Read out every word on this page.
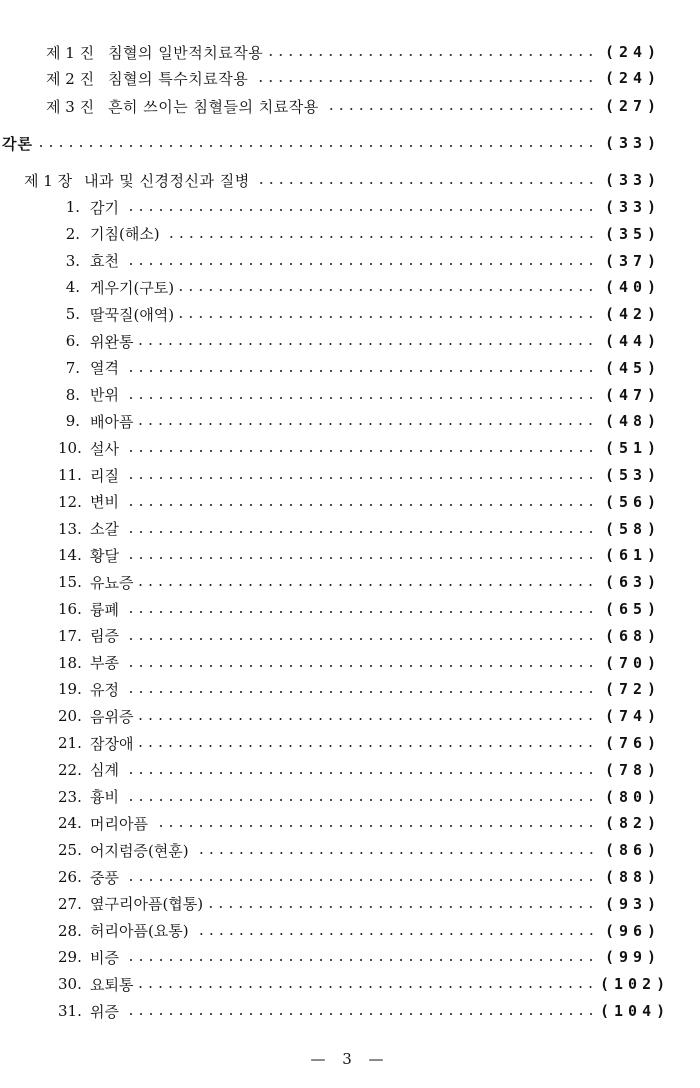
제 1 진 침혈의 일반적치료작용	(24)
제 2 진 침혈의 특수치료작용	(24)
제 3 진 흔히 쓰이는 침혈들의 치료작용	(27)
각론	(33)
제 1 장 내과 및 신경정신과 질병	(33)
1. 감기	(33)
2. 기침(해소)	(35)
3. 효천	(37)
4. 게우기(구토)	(40)
5. 딸꾹질(애역)	(42)
6. 위완통	(44)
7. 열격	(45)
8. 반위	(47)
9. 배아픔	(48)
10. 설사	(51)
11. 리질	(53)
12. 변비	(56)
13. 소갈	(58)
14. 황달	(61)
15. 유뇨증	(63)
16. 륭폐	(65)
17. 림증	(68)
18. 부종	(70)
19. 유정	(72)
20. 음위증	(74)
21. 잠장애	(76)
22. 심계	(78)
23. 흉비	(80)
24. 머리아픔	(82)
25. 어지럼증(현훈)	(86)
26. 중풍	(88)
27. 옆구리아픔(협통)	(93)
28. 허리아픔(요통)	(96)
29. 비증	(99)
30. 요퇴통	(102)
31. 위증	(104)
— 3 —
